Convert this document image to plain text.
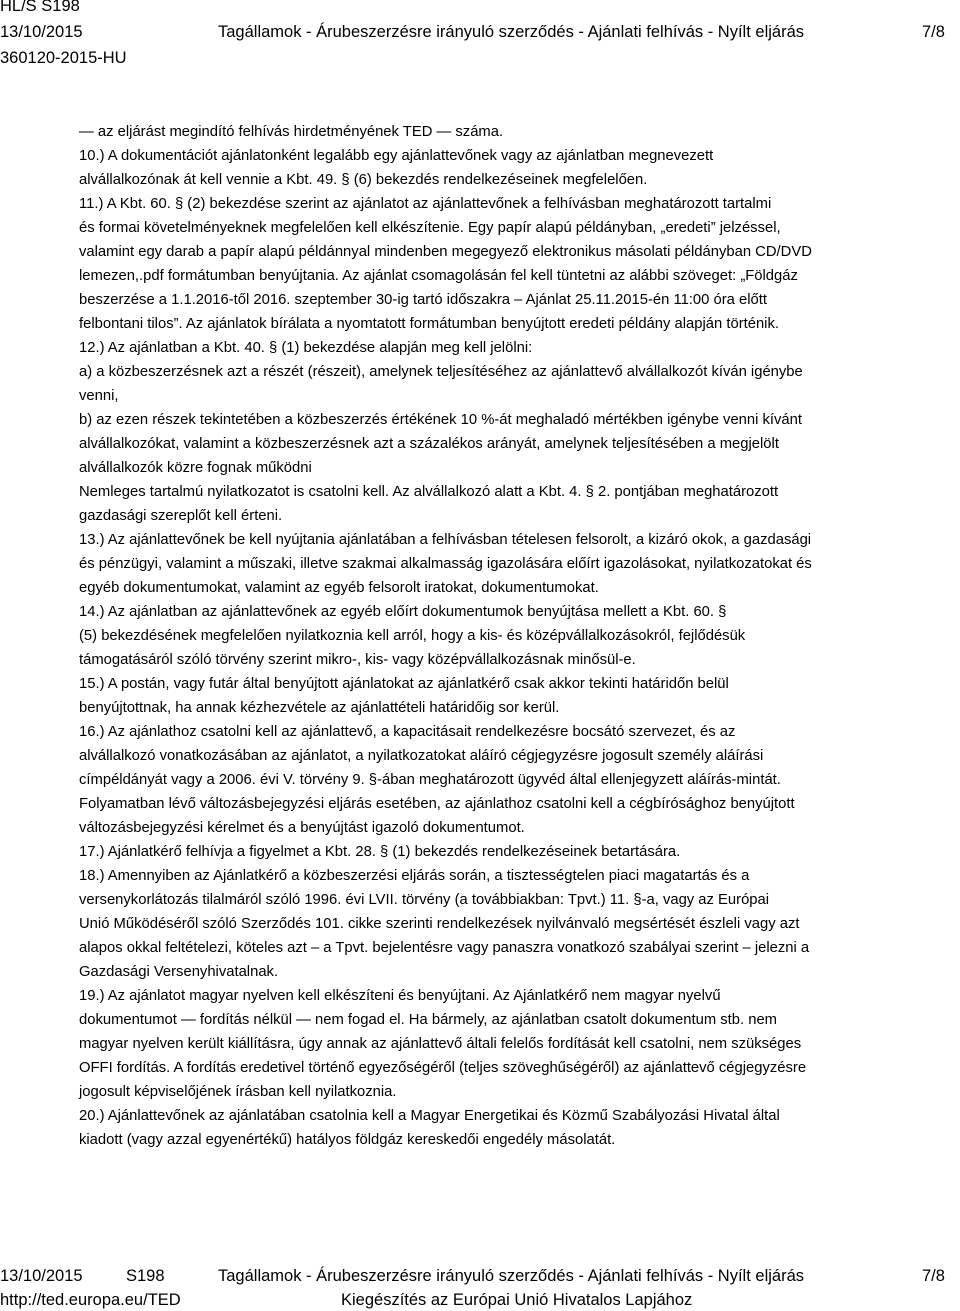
HL/S S198
13/10/2015	Tagállamok - Árubeszerzésre irányuló szerződés - Ajánlati felhívás - Nyílt eljárás	7/8
360120-2015-HU
— az eljárást megindító felhívás hirdetményének TED — száma.
10.) A dokumentációt ajánlatonként legalább egy ajánlattevőnek vagy az ajánlatban megnevezett
alvállalkozónak át kell vennie a Kbt. 49. § (6) bekezdés rendelkezéseinek megfelelően.
11.) A Kbt. 60. § (2) bekezdése szerint az ajánlatot az ajánlattevőnek a felhívásban meghatározott tartalmi
és formai követelményeknek megfelelően kell elkészítenie. Egy papír alapú példányban, „eredeti” jelzéssel,
valamint egy darab a papír alapú példánnyal mindenben megegyező elektronikus másolati példányban CD/DVD
lemezen,.pdf formátumban benyújtania. Az ajánlat csomagolásán fel kell tüntetni az alábbi szöveget: „Földgáz
beszerzése a 1.1.2016-től 2016. szeptember 30-ig tartó időszakra – Ajánlat 25.11.2015-én 11:00 óra előtt
felbontani tilos”. Az ajánlatok bírálata a nyomtatott formátumban benyújtott eredeti példány alapján történik.
12.) Az ajánlatban a Kbt. 40. § (1) bekezdése alapján meg kell jelölni:
a) a közbeszerzésnek azt a részét (részeit), amelynek teljesítéséhez az ajánlattevő alvállalkozót kíván igénybe
venni,
b) az ezen részek tekintetében a közbeszerzés értékének 10 %-át meghaladó mértékben igénybe venni kívánt
alvállalkozókat, valamint a közbeszerzésnek azt a százalékos arányát, amelynek teljesítésében a megjelölt
alvállalkozók közre fognak működni
Nemleges tartalmú nyilatkozatot is csatolni kell. Az alvállalkozó alatt a Kbt. 4. § 2. pontjában meghatározott
gazdasági szereplőt kell érteni.
13.) Az ajánlattevőnek be kell nyújtania ajánlatában a felhívásban tételesen felsorolt, a kizáró okok, a gazdasági
és pénzügyi, valamint a műszaki, illetve szakmai alkalmasság igazolására előírt igazolásokat, nyilatkozatokat és
egyéb dokumentumokat, valamint az egyéb felsorolt iratokat, dokumentumokat.
14.) Az ajánlatban az ajánlattevőnek az egyéb előírt dokumentumok benyújtása mellett a Kbt. 60. §
(5) bekezdésének megfelelően nyilatkoznia kell arról, hogy a kis- és középvállalkozásokról, fejlődésük
támogatásáról szóló törvény szerint mikro-, kis- vagy középvállalkozásnak minősül-e.
15.) A postán, vagy futár által benyújtott ajánlatokat az ajánlatkérő csak akkor tekinti határidőn belül
benyújtottnak, ha annak kézhezvétele az ajánlattételi határidőig sor kerül.
16.) Az ajánlathoz csatolni kell az ajánlattevő, a kapacitásait rendelkezésre bocsátó szervezet, és az
alvállalkozó vonatkozásában az ajánlatot, a nyilatkozatokat aláíró cégjegyzésre jogosult személy aláírási
címpéldányát vagy a 2006. évi V. törvény 9. §-ában meghatározott ügyvéd által ellenjegyzett aláírás-mintát.
Folyamatban lévő változásbejegyzési eljárás esetében, az ajánlathoz csatolni kell a cégbírósághoz benyújtott
változásbejegyzési kérelmet és a benyújtást igazoló dokumentumot.
17.) Ajánlatkérő felhívja a figyelmet a Kbt. 28. § (1) bekezdés rendelkezéseinek betartására.
18.) Amennyiben az Ajánlatkérő a közbeszerzési eljárás során, a tisztességtelen piaci magatartás és a
versenykorlátozás tilalmáról szóló 1996. évi LVII. törvény (a továbbiakban: Tpvt.) 11. §-a, vagy az Európai
Unió Működéséről szóló Szerződés 101. cikke szerinti rendelkezések nyilvánvaló megsértését észleli vagy azt
alapos okkal feltételezi, köteles azt – a Tpvt. bejelentésre vagy panaszra vonatkozó szabályai szerint – jelezni a
Gazdasági Versenyhivatalnak.
19.) Az ajánlatot magyar nyelven kell elkészíteni és benyújtani. Az Ajánlatkérő nem magyar nyelvű
dokumentumot — fordítás nélkül — nem fogad el. Ha bármely, az ajánlatban csatolt dokumentum stb. nem
magyar nyelven került kiállításra, úgy annak az ajánlattevő általi felelős fordítását kell csatolni, nem szükséges
OFFI fordítás. A fordítás eredetivel történő egyezőségéről (teljes szöveghűségéről) az ajánlattevő cégjegyzésre
jogosult képviselőjének írásban kell nyilatkoznia.
20.) Ajánlattevőnek az ajánlatában csatolnia kell a Magyar Energetikai és Közmű Szabályozási Hivatal által
kiadott (vagy azzal egyenértékű) hatályos földgáz kereskedői engedély másolatát.
13/10/2015	S198	Tagállamok - Árubeszerzésre irányuló szerződés - Ajánlati felhívás - Nyílt eljárás	7/8
http://ted.europa.eu/TED	Kiegészítés az Európai Unió Hivatalos Lapjához
